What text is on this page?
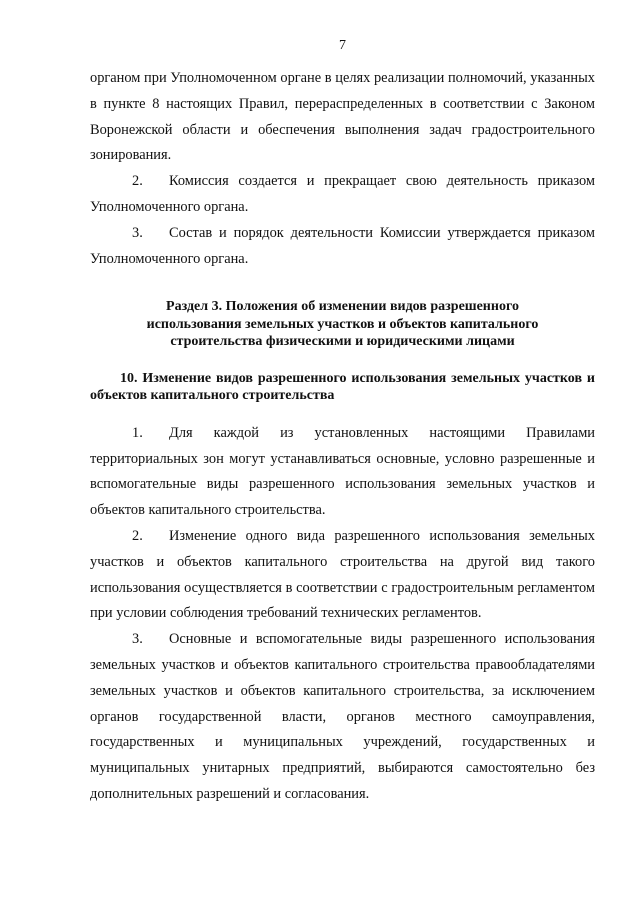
7

органом при Уполномоченном органе в целях реализации полномочий, указанных в пункте 8 настоящих Правил, перераспределенных в соответствии с Законом Воронежской области и обеспечения выполнения задач градостроительного зонирования.

2. Комиссия создается и прекращает свою деятельность приказом Уполномоченного органа.

3. Состав и порядок деятельности Комиссии утверждается приказом Уполномоченного органа.

Раздел 3. Положения об изменении видов разрешенного использования земельных участков и объектов капитального строительства физическими и юридическими лицами

10. Изменение видов разрешенного использования земельных участков и объектов капитального строительства

1. Для каждой из установленных настоящими Правилами территориальных зон могут устанавливаться основные, условно разрешенные и вспомогательные виды разрешенного использования земельных участков и объектов капитального строительства.

2. Изменение одного вида разрешенного использования земельных участков и объектов капитального строительства на другой вид такого использования осуществляется в соответствии с градостроительным регламентом при условии соблюдения требований технических регламентов.

3. Основные и вспомогательные виды разрешенного использования земельных участков и объектов капитального строительства правообладателями земельных участков и объектов капитального строительства, за исключением органов государственной власти, органов местного самоуправления, государственных и муниципальных учреждений, государственных и муниципальных унитарных предприятий, выбираются самостоятельно без дополнительных разрешений и согласования.
